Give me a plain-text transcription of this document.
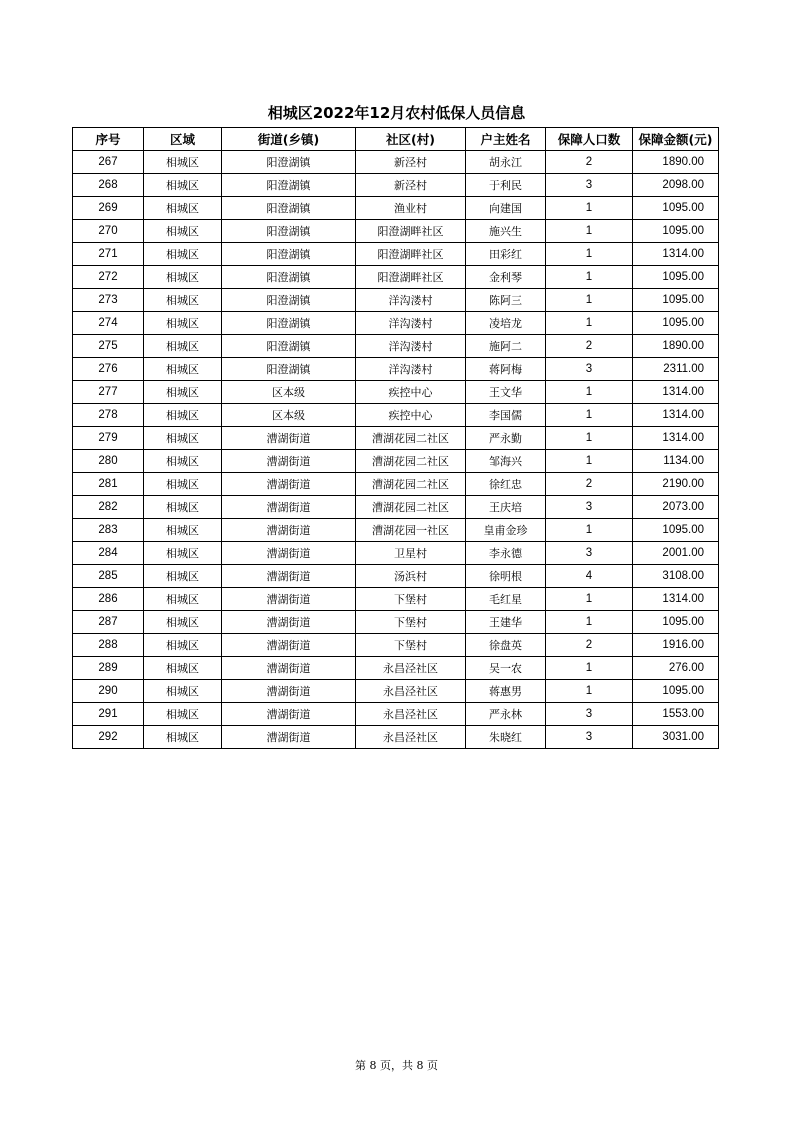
相城区2022年12月农村低保人员信息
序号	区域	街道(乡镇)	社区(村)	户主姓名	保障人口数	保障金额(元)
267	相城区	阳澄湖镇	新泾村	胡永江	2	1890.00
268	相城区	阳澄湖镇	新泾村	于利民	3	2098.00
269	相城区	阳澄湖镇	渔业村	向建国	1	1095.00
270	相城区	阳澄湖镇	阳澄湖畔社区	施兴生	1	1095.00
271	相城区	阳澄湖镇	阳澄湖畔社区	田彩红	1	1314.00
272	相城区	阳澄湖镇	阳澄湖畔社区	金利琴	1	1095.00
273	相城区	阳澄湖镇	洋沟溇村	陈阿三	1	1095.00
274	相城区	阳澄湖镇	洋沟溇村	凌培龙	1	1095.00
275	相城区	阳澄湖镇	洋沟溇村	施阿二	2	1890.00
276	相城区	阳澄湖镇	洋沟溇村	蒋阿梅	3	2311.00
277	相城区	区本级	疾控中心	王文华	1	1314.00
278	相城区	区本级	疾控中心	李国儒	1	1314.00
279	相城区	漕湖街道	漕湖花园二社区	严永勤	1	1314.00
280	相城区	漕湖街道	漕湖花园二社区	邹海兴	1	1134.00
281	相城区	漕湖街道	漕湖花园二社区	徐红忠	2	2190.00
282	相城区	漕湖街道	漕湖花园二社区	王庆培	3	2073.00
283	相城区	漕湖街道	漕湖花园一社区	皇甫金珍	1	1095.00
284	相城区	漕湖街道	卫星村	李永德	3	2001.00
285	相城区	漕湖街道	汤浜村	徐明根	4	3108.00
286	相城区	漕湖街道	下堡村	毛红星	1	1314.00
287	相城区	漕湖街道	下堡村	王建华	1	1095.00
288	相城区	漕湖街道	下堡村	徐盘英	2	1916.00
289	相城区	漕湖街道	永昌泾社区	吴一农	1	276.00
290	相城区	漕湖街道	永昌泾社区	蒋惠男	1	1095.00
291	相城区	漕湖街道	永昌泾社区	严永林	3	1553.00
292	相城区	漕湖街道	永昌泾社区	朱晓红	3	3031.00
第 8 页，共 8 页
